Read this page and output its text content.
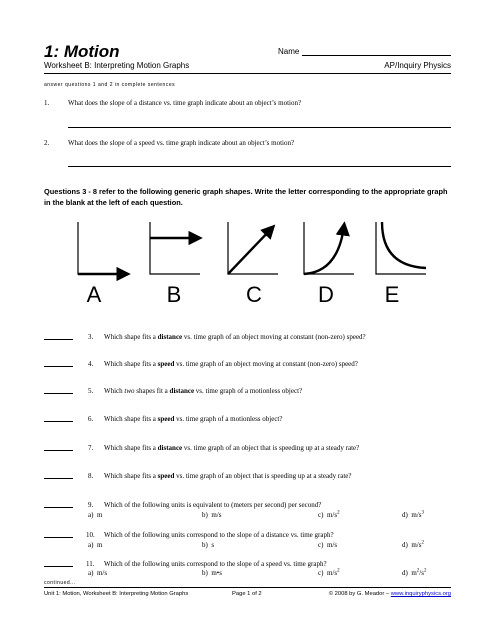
1: Motion	Name
Worksheet B: Interpreting Motion Graphs	AP/Inquiry Physics
answer questions 1 and 2 in complete sentences
1.	What does the slope of a distance vs. time graph indicate about an object’s motion?
2.	What does the slope of a speed vs. time graph indicate about an object’s motion?
Questions 3 - 8 refer to the following generic graph shapes. Write the letter corresponding to the appropriate graph in the blank at the left of each question.
A	B	C	D E
3. Which shape fits a distance vs. time graph of an object moving at constant (non-zero) speed?
4. Which shape fits a speed vs. time graph of an object moving at constant (non-zero) speed?
5. Which two shapes fit a distance vs. time graph of a motionless object?
6. Which shape fits a speed vs. time graph of a motionless object?
7. Which shape fits a distance vs. time graph of an object that is speeding up at a steady rate?
8. Which shape fits a speed vs. time graph of an object that is speeding up at a steady rate?
9. Which of the following units is equivalent to (meters per second) per second?
a) m	b) m/s	c) $m/s^2$	d) $m/s^3$
10. Which of the following units correspond to the slope of a distance vs. time graph?
a) m	b) s	c) m/s	d) $m/s^2$
11. Which of the following units correspond to the slope of a speed vs. time graph?
a) m/s	b) m•s	c) $m/s^2$	d) $m^2/s^2$
continued...
Unit 1: Motion, Worksheet B: Interpreting Motion Graphs	Page 1 of 2	© 2008 by G. Meador – www.inquiryphysics.org
